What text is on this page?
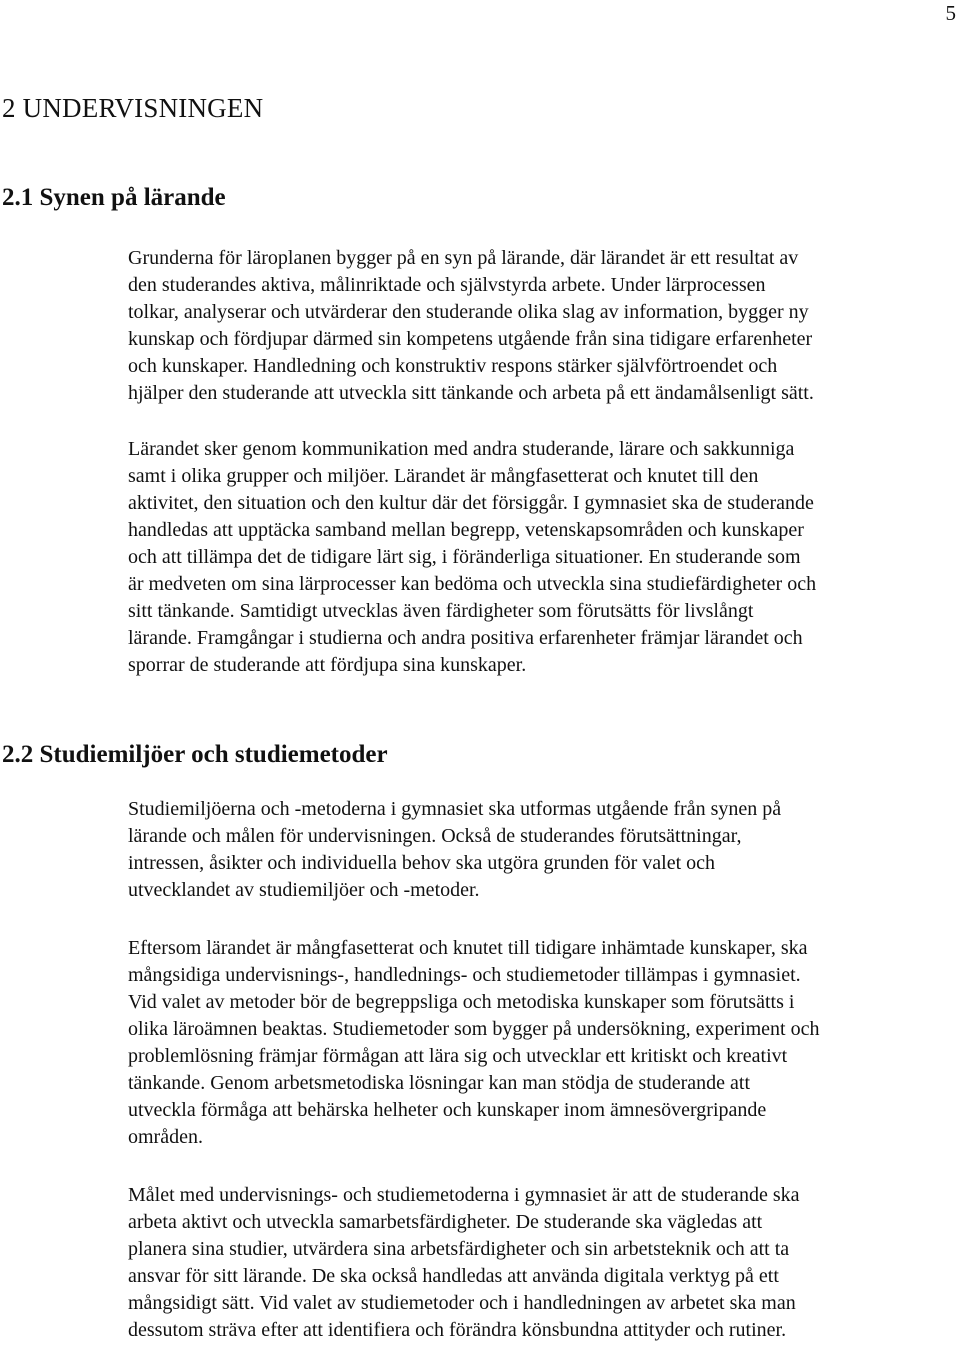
5
2 UNDERVISNINGEN
2.1 Synen på lärande

Grunderna för läroplanen bygger på en syn på lärande, där lärandet är ett resultat av
den studerandes aktiva, målinriktade och självstyrda arbete. Under lärprocessen
tolkar, analyserar och utvärderar den studerande olika slag av information, bygger ny
kunskap och fördjupar därmed sin kompetens utgående från sina tidigare erfarenheter
och kunskaper. Handledning och konstruktiv respons stärker självförtroendet och
hjälper den studerande att utveckla sitt tänkande och arbeta på ett ändamålsenligt sätt.

Lärandet sker genom kommunikation med andra studerande, lärare och sakkunniga
samt i olika grupper och miljöer. Lärandet är mångfasetterat och knutet till den
aktivitet, den situation och den kultur där det försiggår. I gymnasiet ska de studerande
handledas att upptäcka samband mellan begrepp, vetenskapsområden och kunskaper
och att tillämpa det de tidigare lärt sig, i föränderliga situationer. En studerande som
är medveten om sina lärprocesser kan bedöma och utveckla sina studiefärdigheter och
sitt tänkande. Samtidigt utvecklas även färdigheter som förutsätts för livslångt
lärande. Framgångar i studierna och andra positiva erfarenheter främjar lärandet och
sporrar de studerande att fördjupa sina kunskaper.

2.2 Studiemiljöer och studiemetoder

Studiemiljöerna och -metoderna i gymnasiet ska utformas utgående från synen på
lärande och målen för undervisningen. Också de studerandes förutsättningar,
intressen, åsikter och individuella behov ska utgöra grunden för valet och
utvecklandet av studiemiljöer och -metoder.

Eftersom lärandet är mångfasetterat och knutet till tidigare inhämtade kunskaper, ska
mångsidiga undervisnings-, handlednings- och studiemetoder tillämpas i gymnasiet.
Vid valet av metoder bör de begreppsliga och metodiska kunskaper som förutsätts i
olika läroämnen beaktas. Studiemetoder som bygger på undersökning, experiment och
problemlösning främjar förmågan att lära sig och utvecklar ett kritiskt och kreativt
tänkande. Genom arbetsmetodiska lösningar kan man stödja de studerande att
utveckla förmåga att behärska helheter och kunskaper inom ämnesövergripande
områden.

Målet med undervisnings- och studiemetoderna i gymnasiet är att de studerande ska
arbeta aktivt och utveckla samarbetsfärdigheter. De studerande ska vägledas att
planera sina studier, utvärdera sina arbetsfärdigheter och sin arbetsteknik och att ta
ansvar för sitt lärande. De ska också handledas att använda digitala verktyg på ett
mångsidigt sätt. Vid valet av studiemetoder och i handledningen av arbetet ska man
dessutom sträva efter att identifiera och förändra könsbundna attityder och rutiner.
